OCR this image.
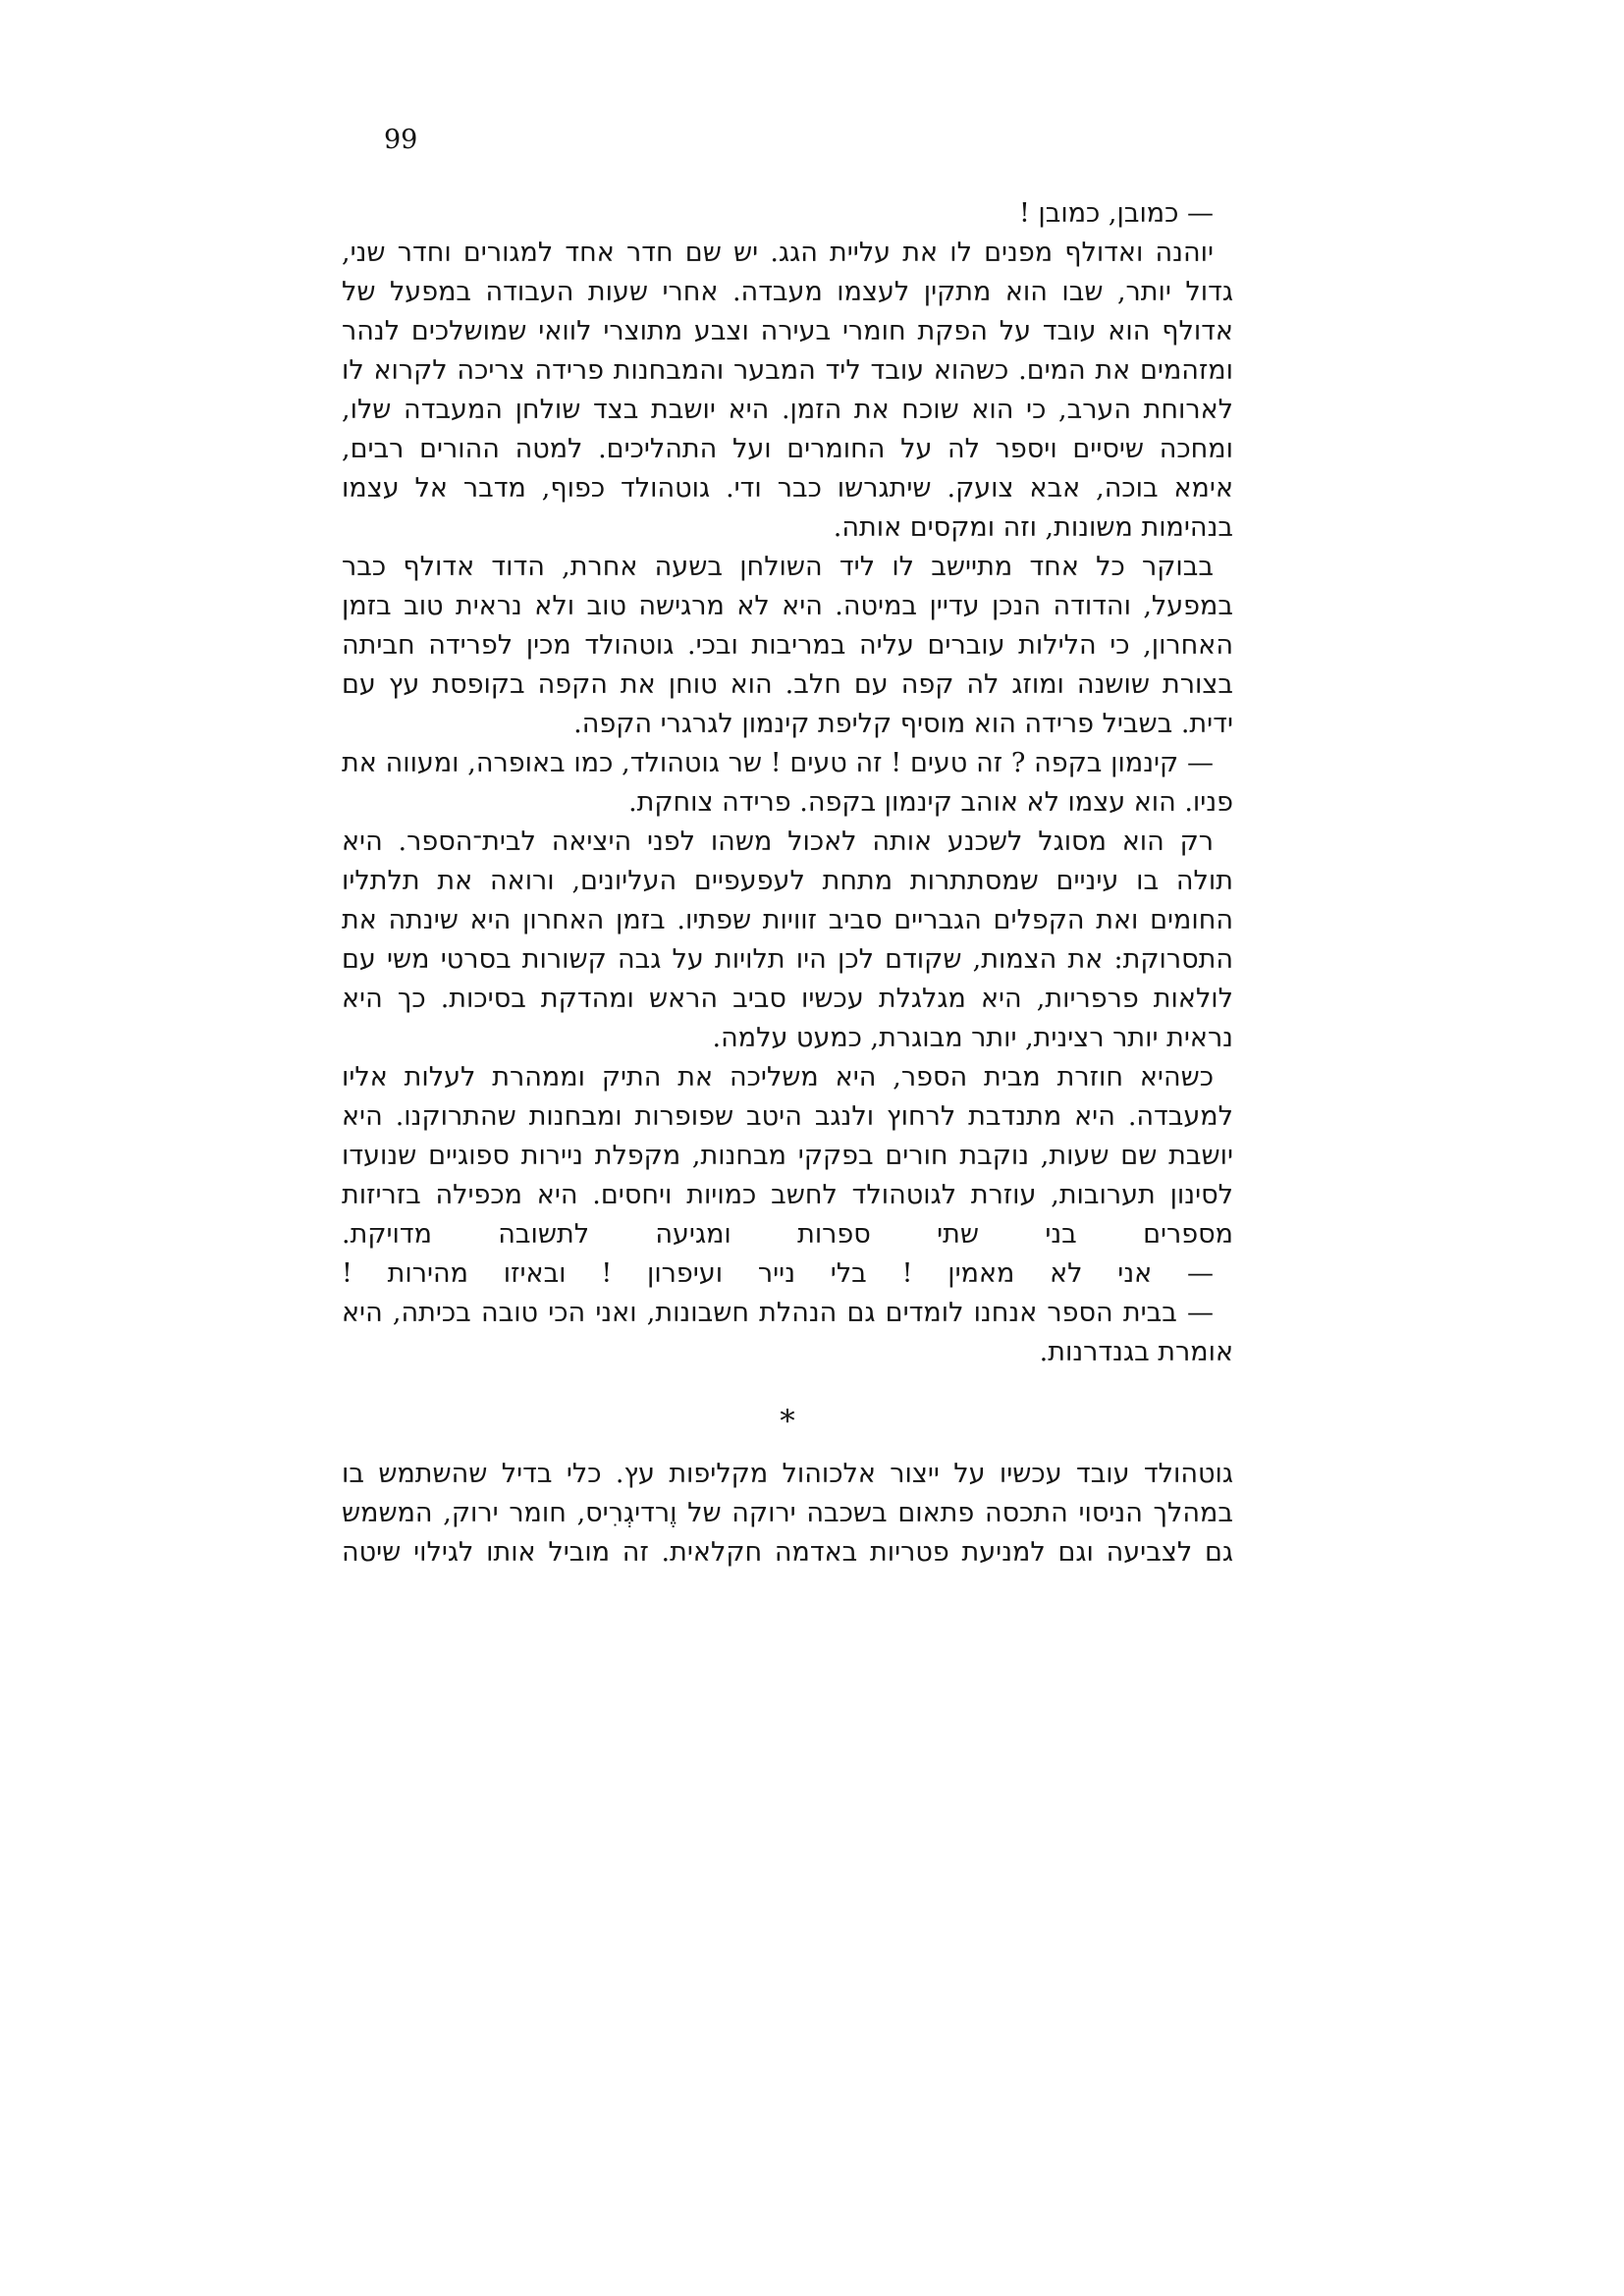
99
— כמובן, כמובן !
יוהנה ואדולף מפנים לו את עליית הגג. יש שם חדר אחד למגורים וחדר שני,
גדול יותר, שבו הוא מתקין לעצמו מעבדה. אחרי שעות העבודה במפעל של
אדולף הוא עובד על הפקת חומרי בעירה וצבע מתוצרי לוואי שמושלכים לנהר
ומזהמים את המים. כשהוא עובד ליד המבער והמבחנות פרידה צריכה לקרוא לו
לארוחת הערב, כי הוא שוכח את הזמן. היא יושבת בצד שולחן המעבדה שלו,
ומחכה שיסיים ויספר לה על החומרים ועל התהליכים. למטה ההורים רבים,
אימא בוכה, אבא צועק. שיתגרשו כבר ודי. גוטהולד כפוף, מדבר אל עצמו
בנהימות משונות, וזה ומקסים אותה.
בבוקר כל אחד מתיישב לו ליד השולחן בשעה אחרת, הדוד אדולף כבר
במפעל, והדודה הנכן עדיין במיטה. היא לא מרגישה טוב ולא נראית טוב בזמן
האחרון, כי הלילות עוברים עליה במריבות ובכי. גוטהולד מכין לפרידה חביתה
בצורת שושנה ומוזג לה קפה עם חלב. הוא טוחן את הקפה בקופסת עץ עם
ידית. בשביל פרידה הוא מוסיף קליפת קינמון לגרגרי הקפה.
— קינמון בקפה ? זה טעים ! זה טעים ! שר גוטהולד, כמו באופרה, ומעווה את
פניו. הוא עצמו לא אוהב קינמון בקפה. פרידה צוחקת.
רק הוא מסוגל לשכנע אותה לאכול משהו לפני היציאה לבית־הספר. היא
תולה בו עיניים שמסתתרות מתחת לעפעפיים העליונים, ורואה את תלתליו
החומים ואת הקפלים הגבריים סביב זוויות שפתיו. בזמן האחרון היא שינתה את
התסרוקת: את הצמות, שקודם לכן היו תלויות על גבה קשורות בסרטי משי עם
לולאות פרפריות, היא מגלגלת עכשיו סביב הראש ומהדקת בסיכות. כך היא
נראית יותר רצינית, יותר מבוגרת, כמעט עלמה.
כשהיא חוזרת מבית הספר, היא משליכה את התיק וממהרת לעלות אליו
למעבדה. היא מתנדבת לרחוץ ולנגב היטב שפופרות ומבחנות שהתרוקנו. היא
יושבת שם שעות, נוקבת חורים בפקקי מבחנות, מקפלת ניירות ספוגיים שנועדו
לסינון תערובות, עוזרת לגוטהולד לחשב כמויות ויחסים. היא מכפילה בזריזות
מספרים בני שתי ספרות ומגיעה לתשובה מדויקת.
— אני לא מאמין ! בלי נייר ועיפרון ! ובאיזו מהירות !
— בבית הספר אנחנו לומדים גם הנהלת חשבונות, ואני הכי טובה בכיתה, היא
אומרת בגנדרנות.
*
גוטהולד עובד עכשיו על ייצור אלכוהול מקליפות עץ. כלי בדיל שהשתמש בו
במהלך הניסוי התכסה פתאום בשכבה ירוקה של וֶרדיגְרִיס, חומר ירוק, המשמש
גם לצביעה וגם למניעת פטריות באדמה חקלאית. זה מוביל אותו לגילוי שיטה
